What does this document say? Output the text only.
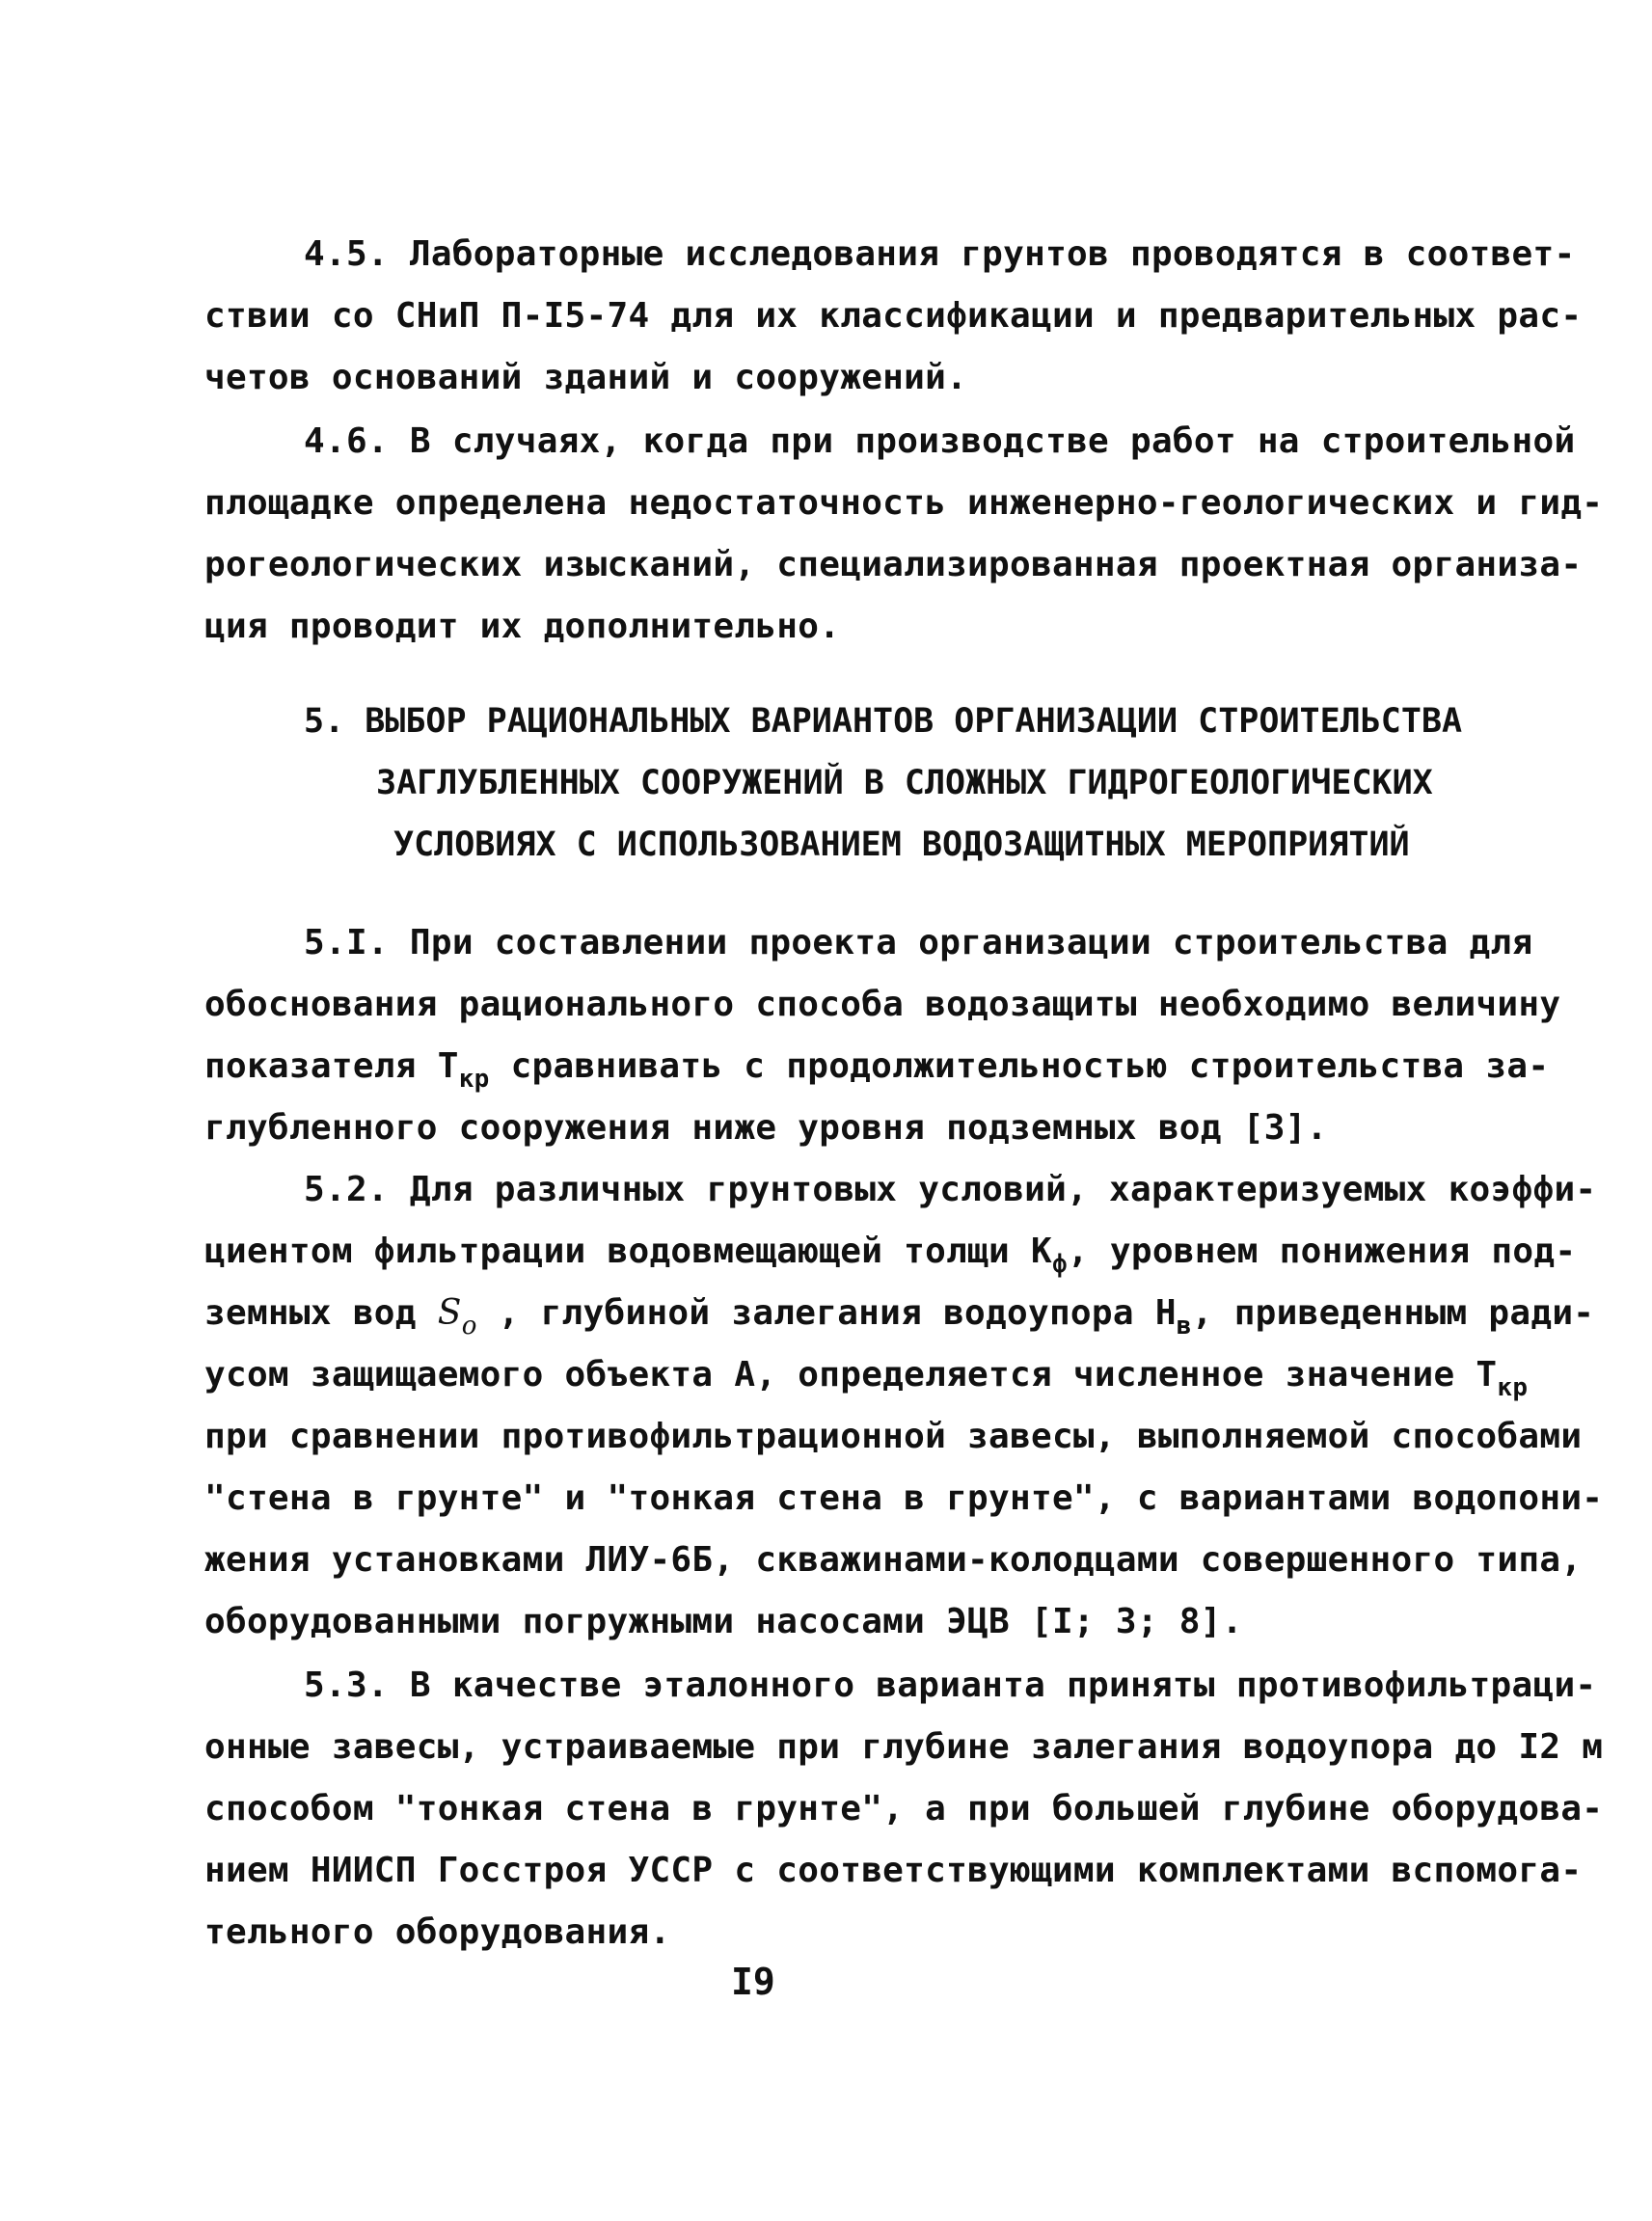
4.5. Лабораторные исследования грунтов проводятся в соответ-
ствии со СНиП П-I5-74 для их классификации и предварительных рас-
четов оснований зданий и сооружений.
4.6. В случаях, когда при производстве работ на строительной
площадке определена недостаточность инженерно-геологических и гид-
рогеологических изысканий, специализированная проектная организа-
ция проводит их дополнительно.
5. ВЫБОР РАЦИОНАЛЬНЫХ ВАРИАНТОВ ОРГАНИЗАЦИИ СТРОИТЕЛЬСТВА
ЗАГЛУБЛЕННЫХ СООРУЖЕНИЙ В СЛОЖНЫХ ГИДРОГЕОЛОГИЧЕСКИХ
УСЛОВИЯХ С ИСПОЛЬЗОВАНИЕМ ВОДОЗАЩИТНЫХ МЕРОПРИЯТИЙ
5.I. При составлении проекта организации строительства для
обоснования рационального способа водозащиты необходимо величину
показателя $Т_{кр}$ сравнивать с продолжительностью строительства за-
глубленного сооружения ниже уровня подземных вод [3].
5.2. Для различных грунтовых условий, характеризуемых коэффи-
циентом фильтрации водовмещающей толщи $К_ф$, уровнем понижения под-
земных вод $S_o$ , глубиной залегания водоупора $Н_в$, приведенным ради-
усом защищаемого объекта А, определяется численное значение $Т_{кр}$
при сравнении противофильтрационной завесы, выполняемой способами
"стена в грунте" и "тонкая стена в грунте", с вариантами водопони-
жения установками ЛИУ-6Б, скважинами-колодцами совершенного типа,
оборудованными погружными насосами ЭЦВ [I; 3; 8].
5.3. В качестве эталонного варианта приняты противофильтраци-
онные завесы, устраиваемые при глубине залегания водоупора до I2 м
способом "тонкая стена в грунте", а при большей глубине оборудова-
нием НИИСП Госстроя УССР с соответствующими комплектами вспомога-
тельного оборудования.
I9
